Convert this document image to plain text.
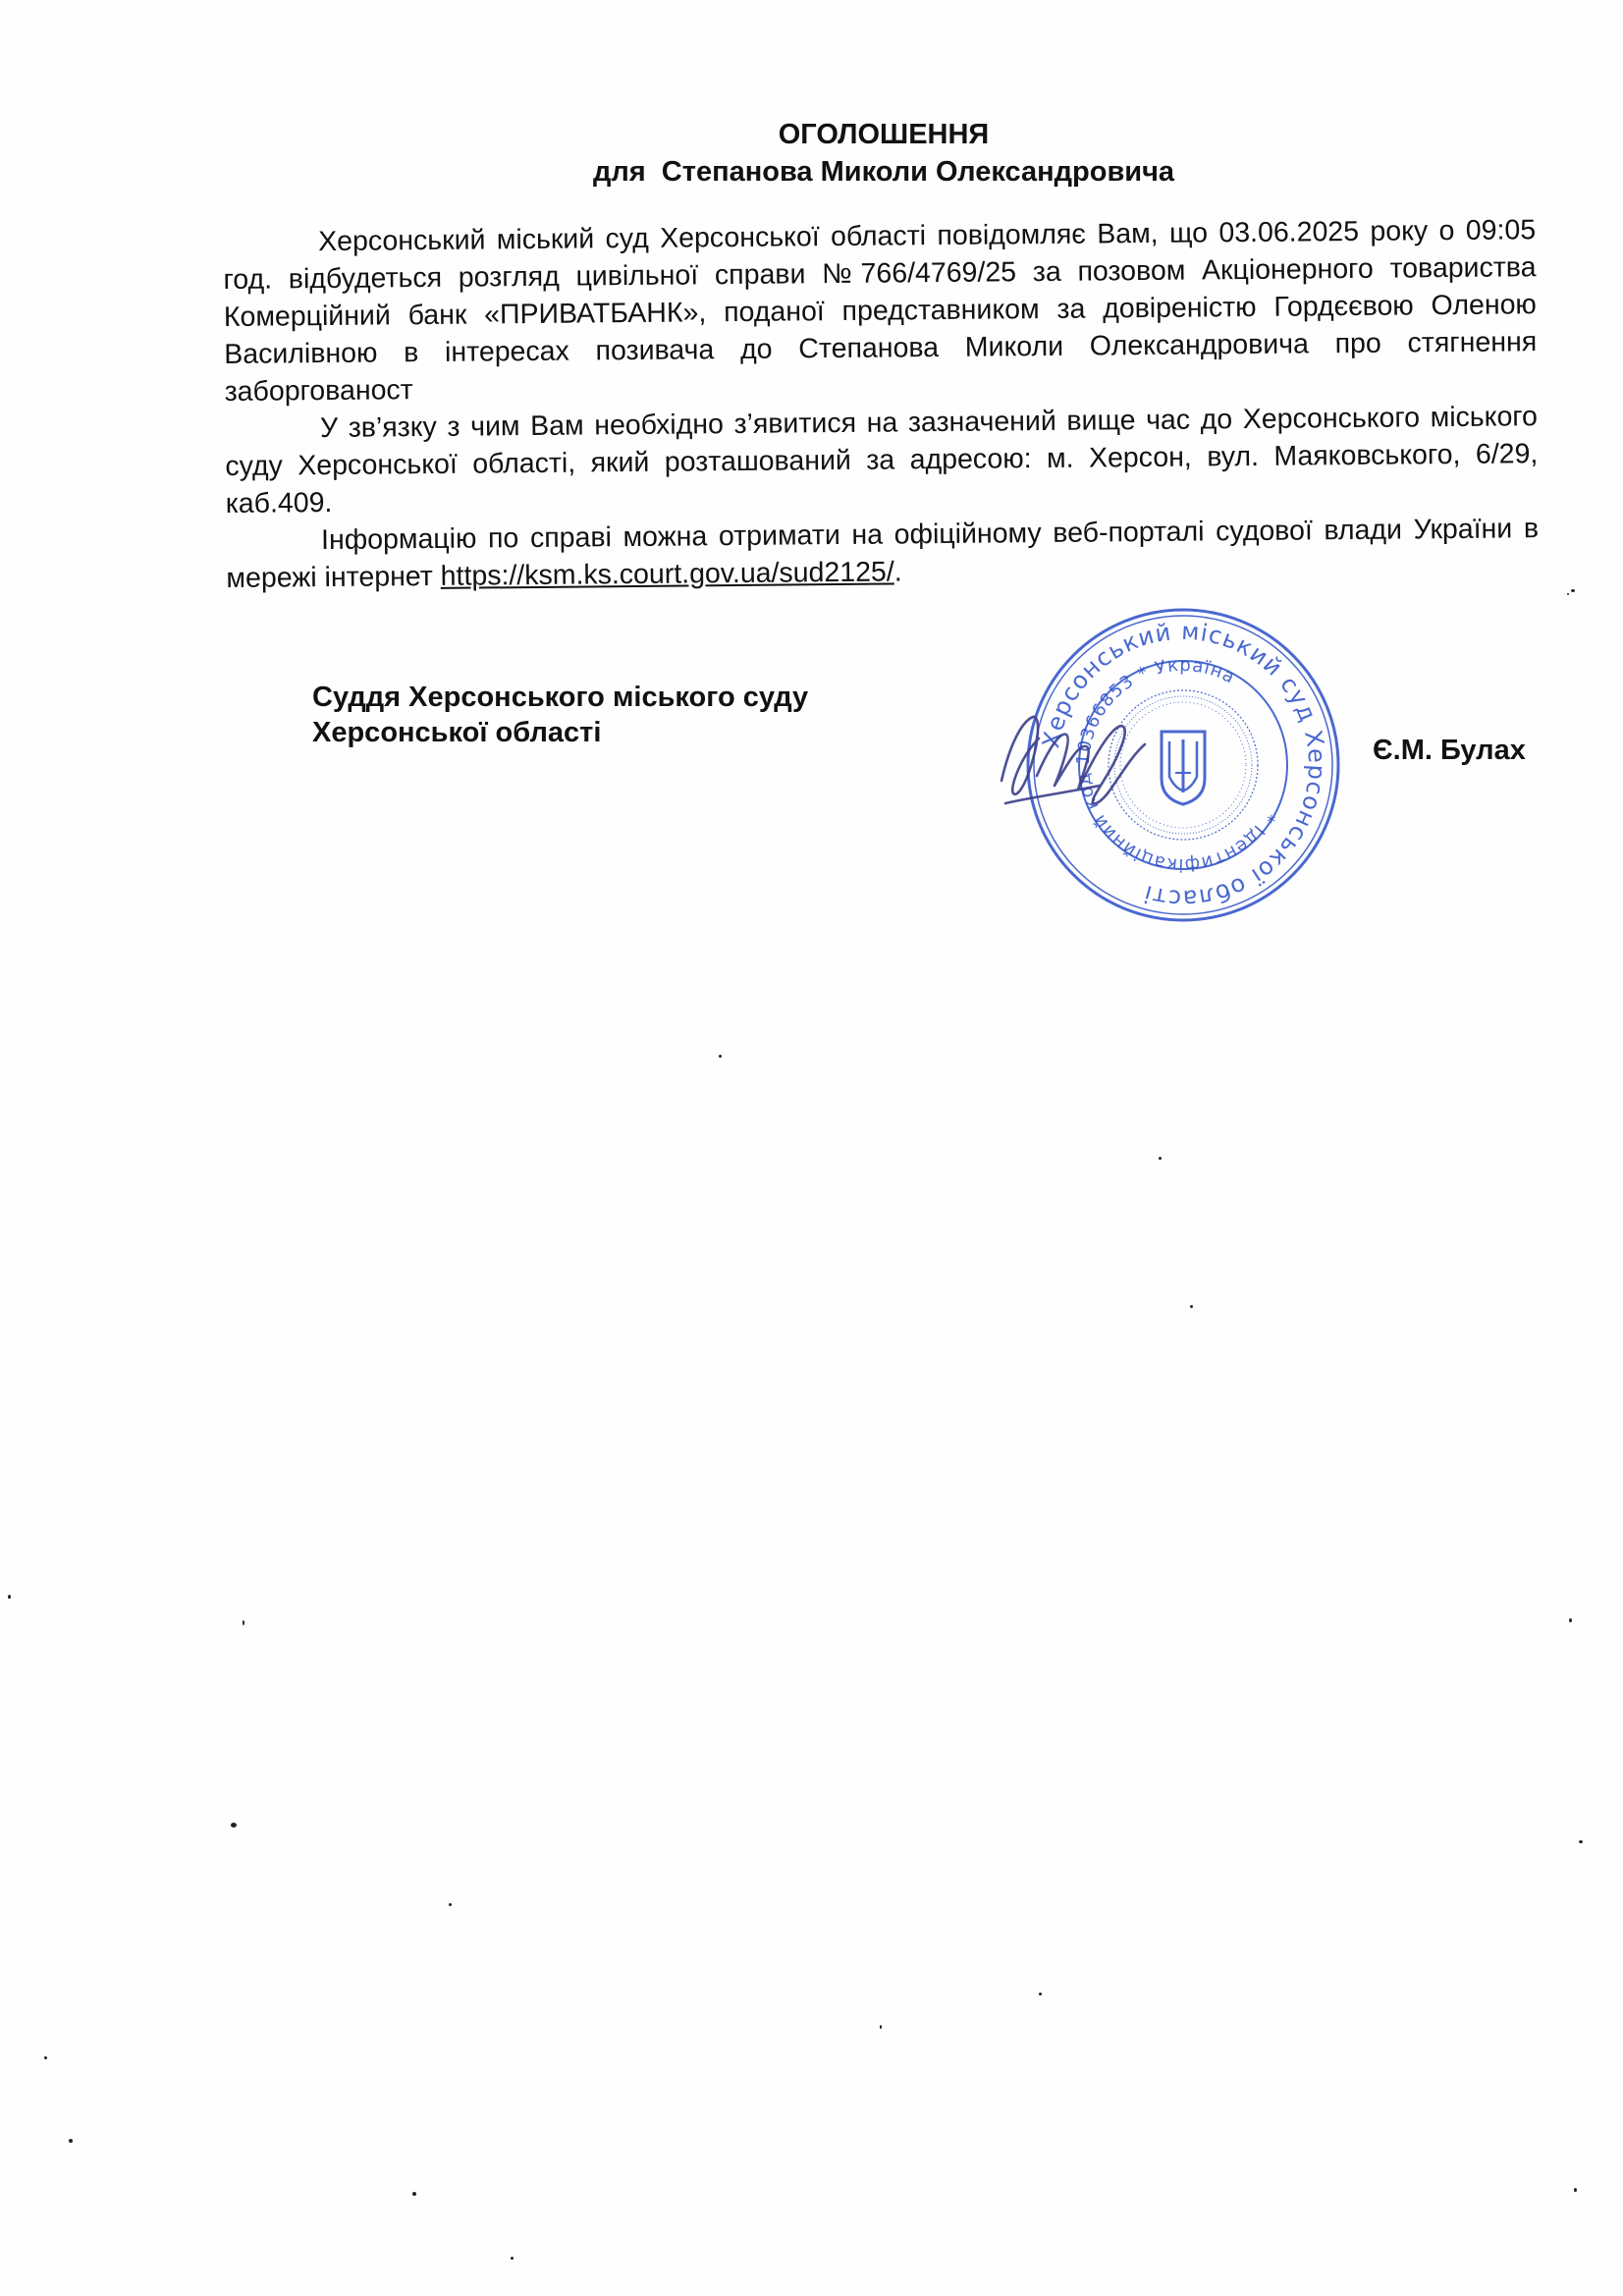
ОГОЛОШЕННЯ
для  Степанова Миколи Олександровича

Херсонський міський суд Херсонської області повідомляє Вам, що 03.06.2025 року о 09:05 год. відбудеться розгляд цивільної справи №766/4769/25 за позовом Акціонерного товариства Комерційний банк «ПРИВАТБАНК», поданої представником за довіреністю Гордєєвою Оленою Василівною в інтересах позивача до Степанова Миколи Олександровича про стягнення заборгованост

У зв’язку з чим Вам необхідно з’явитися на зазначений вище час до Херсонського міського суду Херсонської області, який розташований за адресою: м. Херсон, вул. Маяковського, 6/29, каб.409.

Інформацію по справі можна отримати на офіційному веб-порталі судової влади України в мережі інтернет https://ksm.ks.court.gov.ua/sud2125/.

Суддя Херсонського міського суду
Херсонської області	Херсонський міський суд Херсонської області
* Ідентифікаційний код 10366853 * Україна
Є.М. Булах
